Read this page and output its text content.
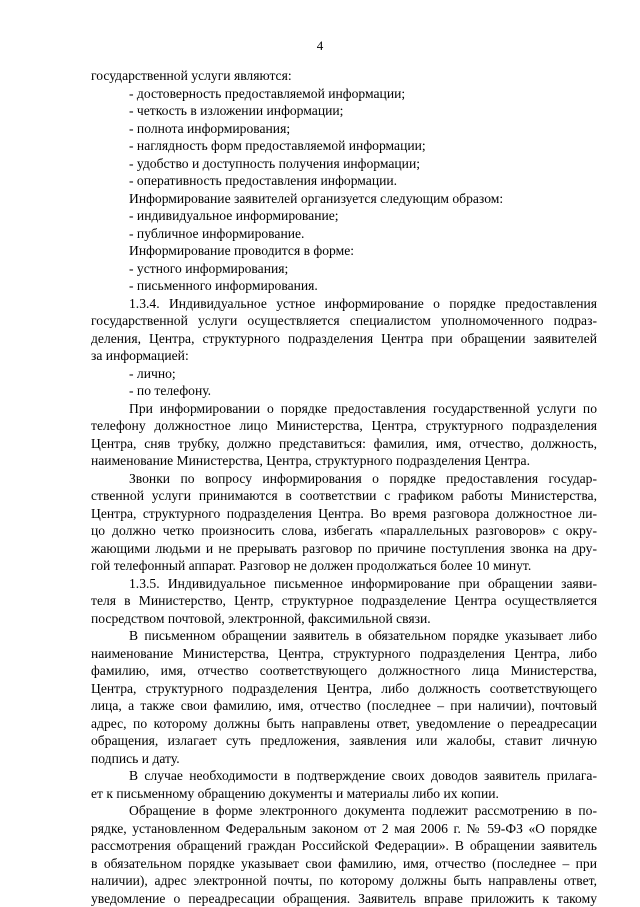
4
государственной услуги являются:
- достоверность предоставляемой информации;
- четкость в изложении информации;
- полнота информирования;
- наглядность форм предоставляемой информации;
- удобство и доступность получения информации;
- оперативность предоставления информации.
Информирование заявителей организуется следующим образом:
- индивидуальное информирование;
- публичное информирование.
Информирование проводится в форме:
- устного информирования;
- письменного информирования.
1.3.4. Индивидуальное устное информирование о порядке предоставления
государственной услуги осуществляется специалистом уполномоченного подраз-
деления, Центра, структурного подразделения Центра при обращении заявителей
за информацией:
- лично;
- по телефону.
При информировании о порядке предоставления государственной услуги по
телефону должностное лицо Министерства, Центра, структурного подразделения
Центра, сняв трубку, должно представиться: фамилия, имя, отчество, должность,
наименование Министерства, Центра, структурного подразделения Центра.
Звонки по вопросу информирования о порядке предоставления государ-
ственной услуги принимаются в соответствии с графиком работы Министерства,
Центра, структурного подразделения Центра. Во время разговора должностное ли-
цо должно четко произносить слова, избегать «параллельных разговоров» с окру-
жающими людьми и не прерывать разговор по причине поступления звонка на дру-
гой телефонный аппарат. Разговор не должен продолжаться более 10 минут.
1.3.5. Индивидуальное письменное информирование при обращении заяви-
теля в Министерство, Центр, структурное подразделение Центра осуществляется
посредством почтовой, электронной, факсимильной связи.
В письменном обращении заявитель в обязательном порядке указывает либо
наименование Министерства, Центра, структурного подразделения Центра, либо
фамилию, имя, отчество соответствующего должностного лица Министерства,
Центра, структурного подразделения Центра, либо должность соответствующего
лица, а также свои фамилию, имя, отчество (последнее – при наличии), почтовый
адрес, по которому должны быть направлены ответ, уведомление о переадресации
обращения, излагает суть предложения, заявления или жалобы, ставит личную
подпись и дату.
В случае необходимости в подтверждение своих доводов заявитель прилага-
ет к письменному обращению документы и материалы либо их копии.
Обращение в форме электронного документа подлежит рассмотрению в по-
рядке, установленном Федеральным законом от 2 мая 2006 г. № 59-ФЗ «О порядке
рассмотрения обращений граждан Российской Федерации». В обращении заявитель
в обязательном порядке указывает свои фамилию, имя, отчество (последнее – при
наличии), адрес электронной почты, по которому должны быть направлены ответ,
уведомление о переадресации обращения. Заявитель вправе приложить к такому
